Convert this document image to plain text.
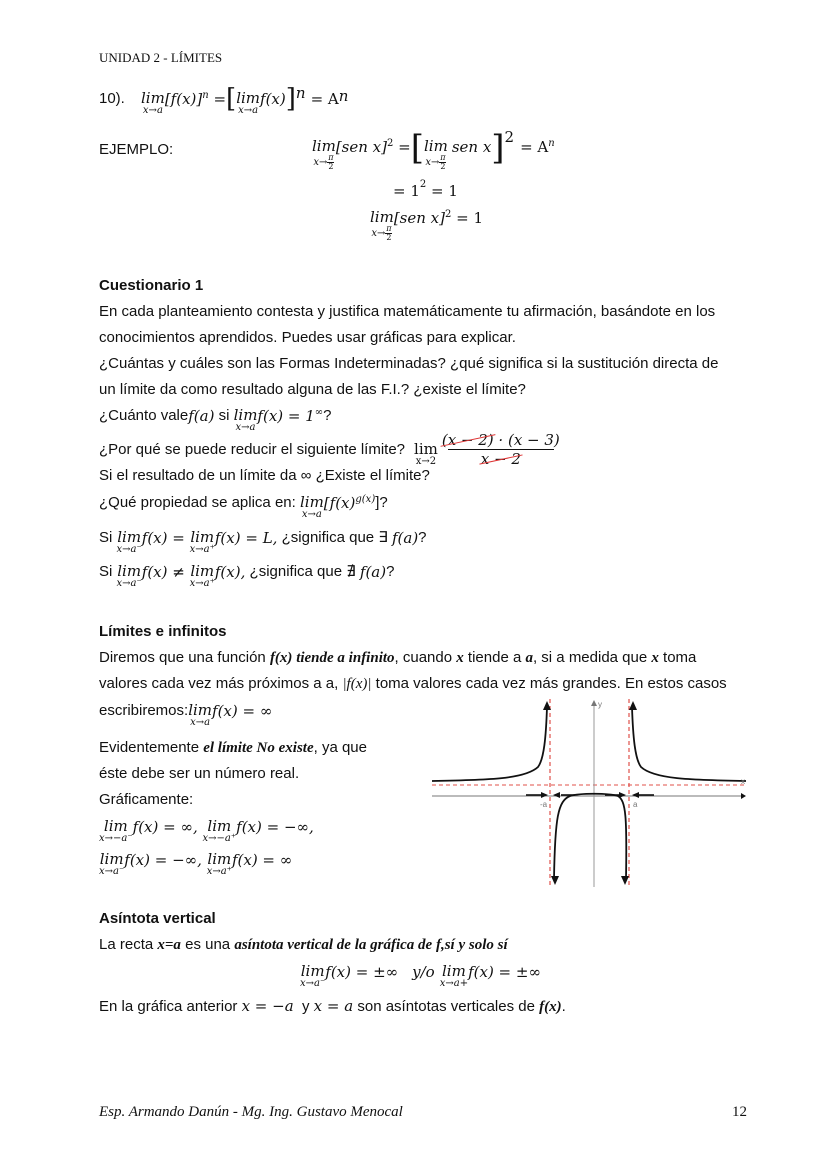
UNIDAD 2 - LÍMITES
10).	lim
x→a
$[f(x)]^n$ = [ lim
x→a
f(x) ]$^n = A^n$
EJEMPLO:	lim
$x\to \frac{\pi}{2}$
[sen x]$^2$ = [ lim
$x\to \frac{\pi}{2}$
sen x ]$^2$
= $A^n$
= $1^2 = 1$
lim
$x\to \frac{\pi}{2}$
[sen x]$^2$ = 1
Cuestionario 1
En cada planteamiento contesta y justifica matemáticamente tu afirmación, basándote en los
conocimientos aprendidos. Puedes usar gráficas para explicar.
¿Cuántas y cuáles son las Formas Indeterminadas? ¿qué significa si la sustitución directa de
un límite da como resultado alguna de las F.I.? ¿existe el límite?
¿Cuánto vale f(a) si lim
x→a
f(x) = 1∞ ?
¿Por qué se puede reducir el siguiente límite? lim
$x\to 2 \frac{(x - 2) \cdot (x - 3)}{x - 2}$
Si el resultado de un límite da ∞ ¿Existe el límite?
¿Qué propiedad se aplica en: lim
x→a
[$f(x)^{g(x)}$ ]?
Si lim
x→a⁻
f(x) = lim
x→a⁺
f(x) = L, ¿significa que ∃ f(a) ?
Si lim
x→a⁻
f(x) ≠ lim
x→a⁺
f(x), ¿significa que ∄ f(a) ?
Límites e infinitos
Diremos que una función f(x) tiende a infinito, cuando x tiende a a, si a medida que x toma
valores cada vez más próximos a a, |f(x)| toma valores cada vez más grandes. En estos casos
escribiremos: lim
x→a
f(x) = ∞
Evidentemente el límite No existe, ya que
éste debe ser un número real.
Gráficamente:
lim
x→−a⁻
f(x) = ∞, lim
x→−a⁺
f(x) = −∞,
lim
x→a⁻
f(x) = −∞, lim
x→a⁺
f(x) = ∞
y
x
-a	a
Asíntota vertical
La recta x=a es una asíntota vertical de la gráfica de f,sí y solo sí
lim
x→a⁻
f(x) = ±∞ y/o lim
x→a+
f(x) = ±∞
En la gráfica anterior x = −a  y x = a son asíntotas verticales de f(x).
Esp. Armando Danún - Mg. Ing. Gustavo Menocal	12
